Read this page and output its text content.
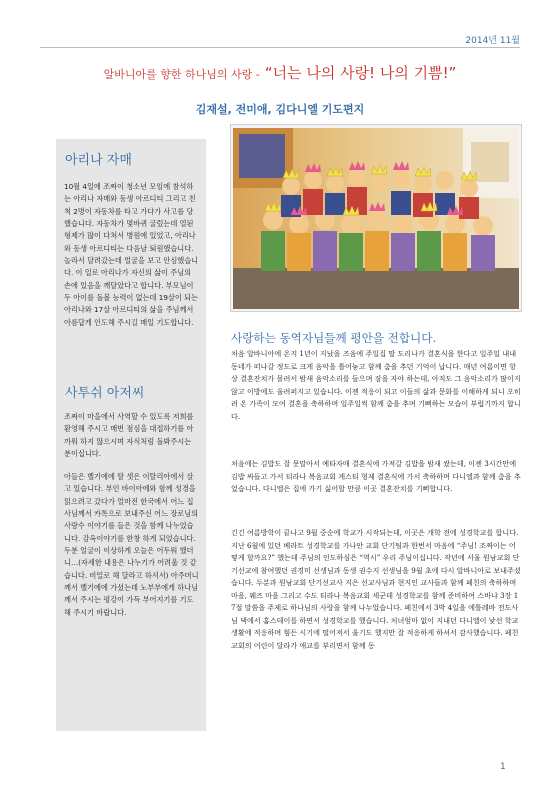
2014년 11월
알바니아를 향한 하나님의 사랑 - “너는 나의 사랑! 나의 기쁨!”
김재설, 전미애, 김다니엘 기도편지
아리나 자매
10월 4일에 조짜이 청소년 모임에 참석하는 아리나 자매와 동생 아르디티 그리고 친척 2명이 자동차를 타고 가다가 사고를 당했습니다. 자동차가 몇바퀴 굴렀는데 열된 형제가 많이 다쳐서 병원에 있었고, 아리나와 동생 아르디티는 다음날 퇴원했습니다. 놀라서 달려갔는데 얼굴을 보고 안심했습니다. 이 일로 아리나가 자신의 삶이 주님의 손에 있음을 깨달았다고 합니다. 부모님이 두 아이를 돌볼 능력이 없는데 19살이 되는 아리나와 17살 아르디티의 삶을 주님께서 아름답게 인도해 주시길 매일 기도합니다.
사투쉬 아저씨
조짜이 마을에서 사역할 수 있도록 저희를 환영해 주시고 매번 점심을 대접하기를 아까워 하지 않으시며 자식처럼 돌봐주시는 분이십니다.
아들은 벨기에에 딸 셋은 이탈리아에서 살고 있습니다. 부인 바이아에와 함께 성경을 읽으려고 갔다가 얼마전 한국에서 어느 집사님께서 카톡으로 보내주신 어느 장로님의 사랑수 이야기를 들은 것을 함께 나누었습니다. 감옥이야기를 한창 하게 되었습니다. 두분 얼굴이 이상하게 오늘은 어두워 했더니…(자세한 내용은 나누기가 어려울 것 같습니다. 비밀로 해 달라고 하셔서) 아주머니께서 벨기에에 가셨는데 노부부에게 하나님께서 주시는 평강이 가득 부어지기를 기도해 주시기 바랍니다.
사랑하는 동역자님들께 평안을 전합니다.
처음 알바니아에 온지 1년이 지났을 즈음에 주일집 딸 도리나가 결혼식을 한다고 일주일 내내 동네가 떠나갈 정도로 크게 음악을 틀어놓고 함께 춤을 추던 기억이 납니다. 매년 여름이면 항상 결혼잔치가 몰려서 밤새 음악소리를 들으며 잠을 자야 하는데, 아직도 그 음악소리가 많이지 않고 이방에도 울려퍼지고 있습니다. 이젠 적응이 되고 이들의 삶과 문화를 이해하게 되니 오히려 온 가족이 모여 결혼을 축하하며 일주일씩 함께 춤을 추며 기뻐하는 모습이 부럽기까지 합니다.
처음에는 김밥도 잘 못말아서 예타자매 결혼식에 가져갈 김밥을 밤새 쌌는데, 이젠 3시간만에 김밥 싸들고 가서 티라나 복음교회 게스티 형제 결혼식에 가서 축하하며 다니엘과 함께 춤을 추었습니다. 다니엘은 집에 가기 싫어할 만큼 이곳 결혼잔치를 기뻐합니다.
긴긴 여름방학이 끝나고 9월 중순에 학교가 시작되는데, 이곳은 개학 전에 성경학교를 합니다. 지난 6월에 있던 베라트 성경학교를 가나안 교회 단기팀과 한번서 마음에 “주님! 조짜이는 어떻게 할까요?” 했는데 주님의 인도하심은 “역시” 우리 주님이십니다. 작년에 서울 원남교회 단기선교에 참여했던 권경미 선생님과 동생 권수지 선생님을 9월 초에 다시 알바니아로 보내주셨습니다. 두분과 원남교회 단기선교사 지은 선교사님과 현지인 교사들과 함께 페친의 축하하며 마을, 웨즈 마을 그리고 수도 티라나 복음교회 세군데 성경학교를 함께 준비하여 스바냐 3장 17절 말씀을 주제로 하나님의 사랑을 함께 나누었습니다. 페친에서 3박 4일을 에틀레바 전도사님 댁에서 홈스테이를 하면서 성경학교를 했습니다. 처녀엄마 없이 지내던 다니엘이 낯선 학교 생활에 적응하며 힘든 시기에 떨어져서 울기도 했지만 잘 적응하게 하셔서 감사했습니다. 페친교회의 어린이 달라가 애교를 부리면서 함께 동
1
